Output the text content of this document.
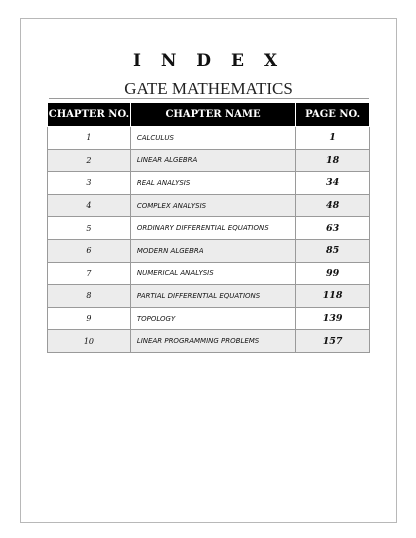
I N D E X
GATE MATHEMATICS
CHAPTER NO.	CHAPTER NAME	PAGE NO.
1	CALCULUS	1
2	LINEAR ALGEBRA	18
3	REAL ANALYSIS	34
4	COMPLEX ANALYSIS	48
5	ORDINARY DIFFERENTIAL EQUATIONS	63
6	MODERN ALGEBRA	85
7	NUMERICAL ANALYSIS	99
8	PARTIAL DIFFERENTIAL EQUATIONS	118
9	TOPOLOGY	139
10	LINEAR PROGRAMMING PROBLEMS	157
